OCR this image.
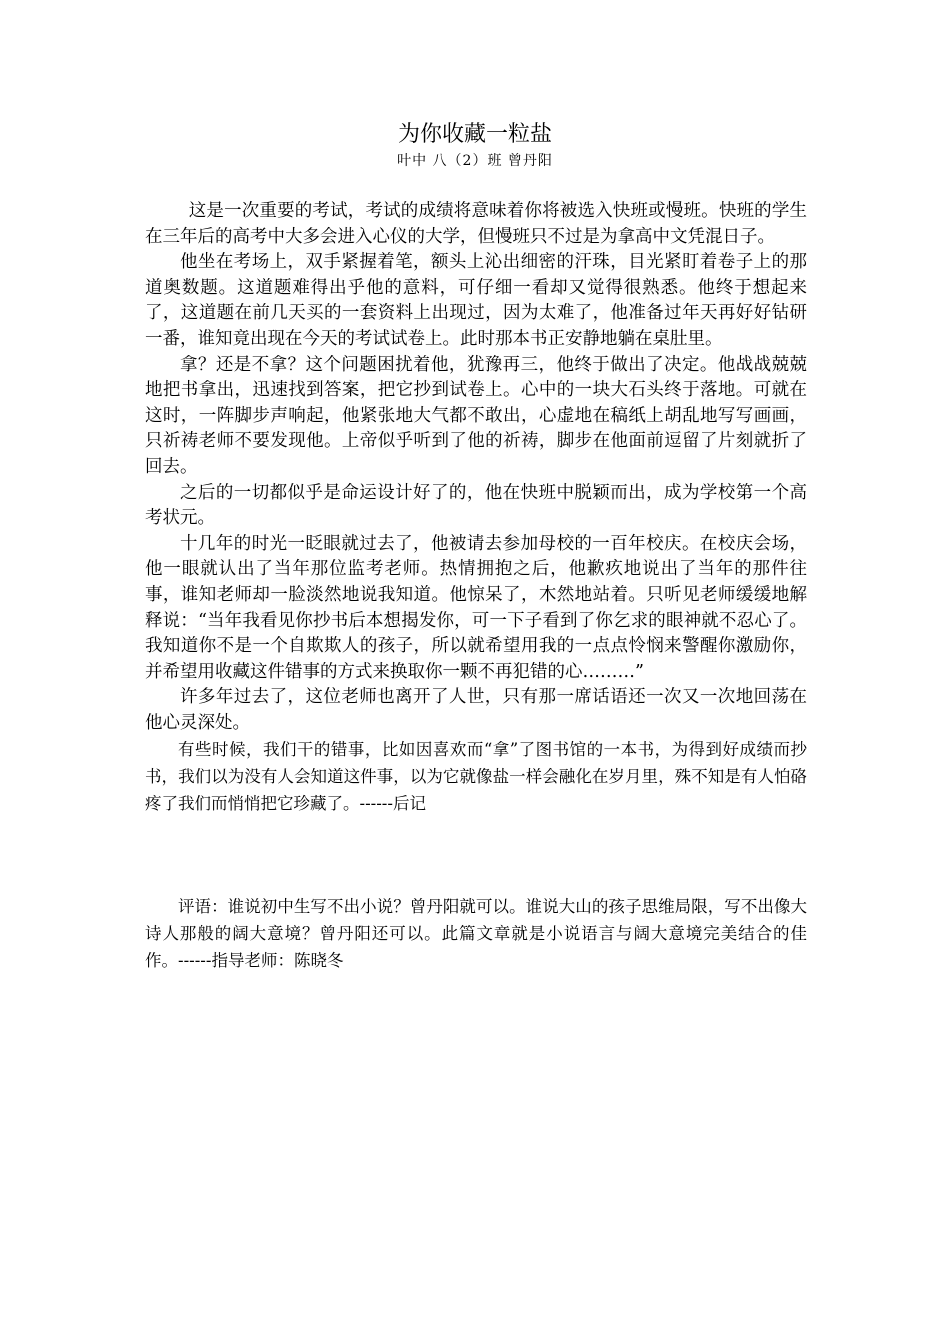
为你收藏一粒盐
叶中 八（2）班 曾丹阳

这是一次重要的考试，考试的成绩将意味着你将被选入快班或慢班。快班的学生在三年后的高考中大多会进入心仪的大学，但慢班只不过是为拿高中文凭混日子。

他坐在考场上，双手紧握着笔，额头上沁出细密的汗珠，目光紧盯着卷子上的那道奥数题。这道题难得出乎他的意料，可仔细一看却又觉得很熟悉。他终于想起来了，这道题在前几天买的一套资料上出现过，因为太难了，他准备过年天再好好钻研一番，谁知竟出现在今天的考试试卷上。此时那本书正安静地躺在桌肚里。

拿？还是不拿？这个问题困扰着他，犹豫再三，他终于做出了决定。他战战兢兢地把书拿出，迅速找到答案，把它抄到试卷上。心中的一块大石头终于落地。可就在这时，一阵脚步声响起，他紧张地大气都不敢出，心虚地在稿纸上胡乱地写写画画，只祈祷老师不要发现他。上帝似乎听到了他的祈祷，脚步在他面前逗留了片刻就折了回去。

之后的一切都似乎是命运设计好了的，他在快班中脱颖而出，成为学校第一个高考状元。

十几年的时光一眨眼就过去了，他被请去参加母校的一百年校庆。在校庆会场，他一眼就认出了当年那位监考老师。热情拥抱之后，他歉疚地说出了当年的那件往事，谁知老师却一脸淡然地说我知道。他惊呆了，木然地站着。只听见老师缓缓地解释说：“当年我看见你抄书后本想揭发你，可一下子看到了你乞求的眼神就不忍心了。我知道你不是一个自欺欺人的孩子，所以就希望用我的一点点怜悯来警醒你激励你，并希望用收藏这件错事的方式来换取你一颗不再犯错的心………”

许多年过去了，这位老师也离开了人世，只有那一席话语还一次又一次地回荡在他心灵深处。

有些时候，我们干的错事，比如因喜欢而“拿”了图书馆的一本书，为得到好成绩而抄书，我们以为没有人会知道这件事，以为它就像盐一样会融化在岁月里，殊不知是有人怕硌疼了我们而悄悄把它珍藏了。------后记

评语：谁说初中生写不出小说？曾丹阳就可以。谁说大山的孩子思维局限，写不出像大诗人那般的阔大意境？曾丹阳还可以。此篇文章就是小说语言与阔大意境完美结合的佳作。------指导老师：陈晓冬
